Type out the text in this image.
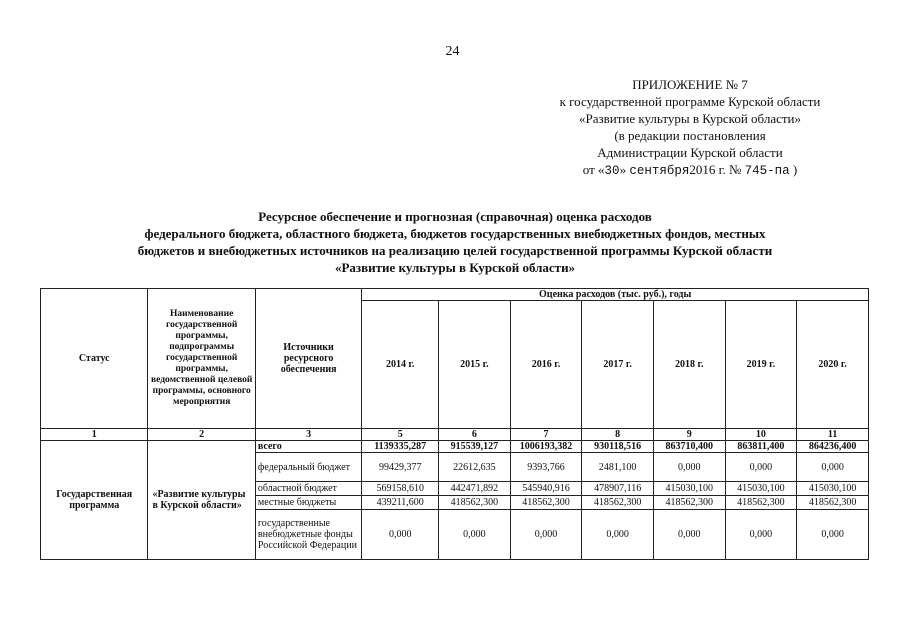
24
ПРИЛОЖЕНИЕ № 7
к государственной программе Курской области
«Развитие культуры в Курской области»
(в редакции постановления
Администрации Курской области
от «30» сентября2016 г. № 745-па )
Ресурсное обеспечение и прогнозная (справочная) оценка расходов
федерального бюджета, областного бюджета, бюджетов государственных внебюджетных фондов, местных
бюджетов и внебюджетных источников на реализацию целей государственной программы Курской области
«Развитие культуры в Курской области»
Статус	Наименование государственной программы, подпрограммы государственной программы, ведомственной целевой программы, основного мероприятия	Источники ресурсного обеспечения	Оценка расходов (тыс. руб.), годы						
			2014 г.	2015 г.	2016 г.	2017 г.	2018 г.	2019 г.	2020 г.
1	2	3	5	6	7	8	9	10	11
Государственная программа	«Развитие культуры в Курской области»	всего	1139335,287	915539,127	1006193,382	930118,516	863710,400	863811,400	864236,400
		федеральный бюджет	99429,377	22612,635	9393,766	2481,100	0,000	0,000	0,000
		областной бюджет	569158,610	442471,892	545940,916	478907,116	415030,100	415030,100	415030,100
		местные бюджеты	439211,600	418562,300	418562,300	418562,300	418562,300	418562,300	418562,300
		государственные внебюджетные фонды Российской Федерации	0,000	0,000	0,000	0,000	0,000	0,000	0,000
